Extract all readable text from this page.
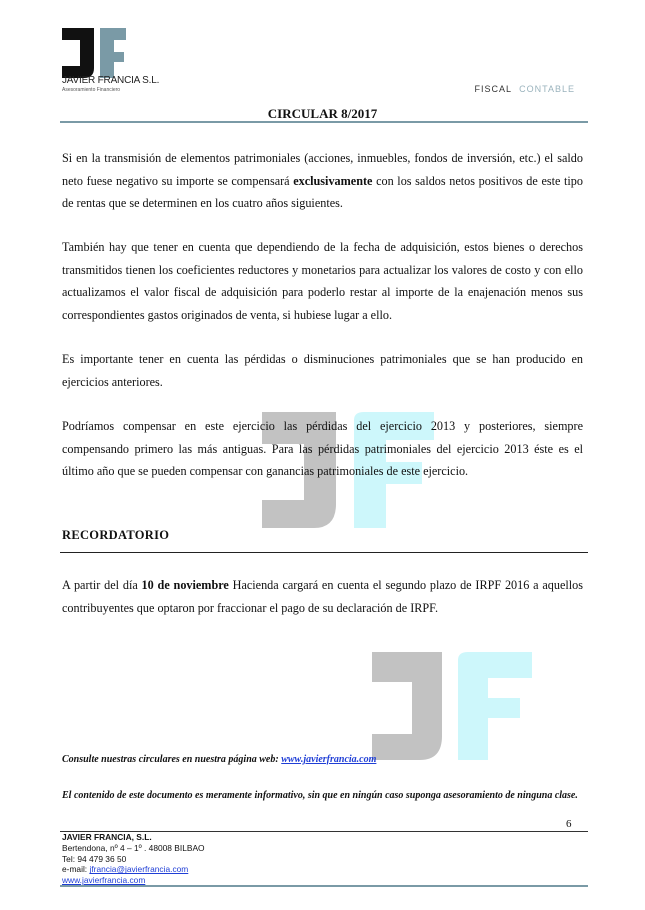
JAVIER FRANCIA S.L.
Asesoramiento Financiero	FISCAL CONTABLE
CIRCULAR 8/2017
Si en la transmisión de elementos patrimoniales (acciones, inmuebles, fondos de inversión, etc.) el saldo neto fuese negativo su importe se compensará exclusivamente con los saldos netos positivos de este tipo de rentas que se determinen en los cuatro años siguientes.
También hay que tener en cuenta que dependiendo de la fecha de adquisición, estos bienes o derechos transmitidos tienen los coeficientes reductores y monetarios para actualizar los valores de costo y con ello actualizamos el valor fiscal de adquisición para poderlo restar al importe de la enajenación menos sus correspondientes gastos originados de venta, si hubiese lugar a ello.
Es importante tener en cuenta las pérdidas o disminuciones patrimoniales que se han producido en ejercicios anteriores.
Podríamos compensar en este ejercicio las pérdidas del ejercicio 2013 y posteriores, siempre compensando primero las más antiguas. Para las pérdidas patrimoniales del ejercicio 2013 éste es el último año que se pueden compensar con ganancias patrimoniales de este ejercicio.
RECORDATORIO
A partir del día 10 de noviembre Hacienda cargará en cuenta el segundo plazo de IRPF 2016 a aquellos contribuyentes que optaron por fraccionar el pago de su declaración de IRPF.
Consulte nuestras circulares en nuestra página web: www.javierfrancia.com
El contenido de este documento es meramente informativo, sin que en ningún caso suponga asesoramiento de ninguna clase.
6
JAVIER FRANCIA, S.L.
Bertendona, nº 4 – 1º . 48008 BILBAO
Tel: 94 479 36 50
e-mail: jfrancia@javierfrancia.com
www.javierfrancia.com
